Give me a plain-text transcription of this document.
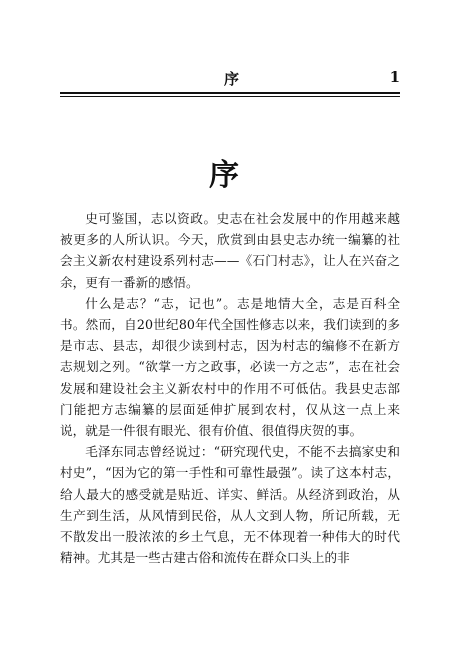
序	1
序

史可鉴国，志以资政。史志在社会发展中的作用越来越被更多的人所认识。今天，欣赏到由县史志办统一编纂的社会主义新农村建设系列村志——《石门村志》，让人在兴奋之余，更有一番新的感悟。

什么是志？“志，记也”。志是地情大全，志是百科全书。然而，自20世纪80年代全国性修志以来，我们读到的多是市志、县志，却很少读到村志，因为村志的编修不在新方志规划之列。“欲掌一方之政事，必读一方之志”，志在社会发展和建设社会主义新农村中的作用不可低估。我县史志部门能把方志编纂的层面延伸扩展到农村，仅从这一点上来说，就是一件很有眼光、很有价值、很值得庆贺的事。

毛泽东同志曾经说过：“研究现代史，不能不去搞家史和村史”，“因为它的第一手性和可靠性最强”。读了这本村志，给人最大的感受就是贴近、详实、鲜活。从经济到政治，从生产到生活，从风情到民俗，从人文到人物，所记所载，无不散发出一股浓浓的乡土气息，无不体现着一种伟大的时代精神。尤其是一些古建古俗和流传在群众口头上的非
